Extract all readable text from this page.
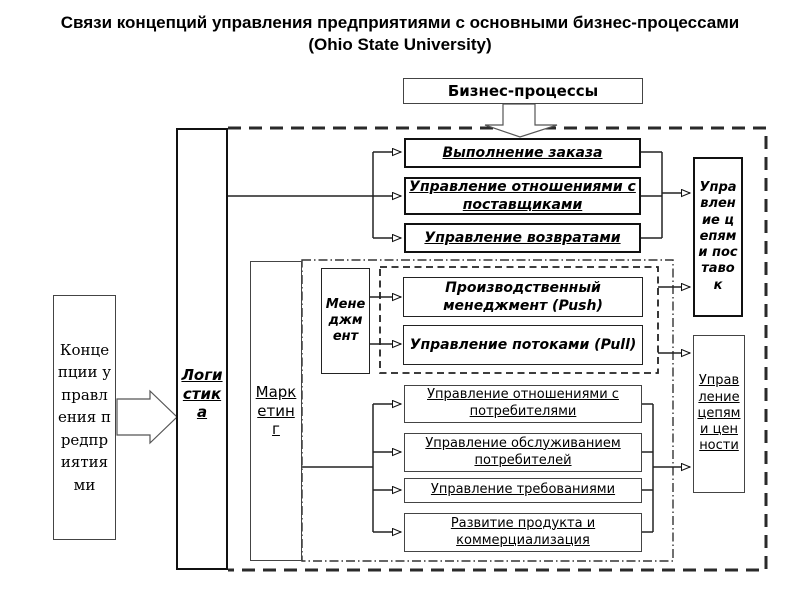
Связи концепций управления предприятиями с основными бизнес-процессами (Ohio State University)
Бизнес-процессы
Концепции управления предприятиями
Логистика
Маркетинг
Менеджмент
Выполнение заказа
Управление отношениями с поставщиками
Управление возвратами
Производственный менеджмент (Push)
Управление потоками (Pull)
Управление отношениями с потребителями
Управление обслуживанием потребителей
Управление требованиями
Развитие продукта и коммерциализация
Управление цепями поставок
Управление цепями ценности
